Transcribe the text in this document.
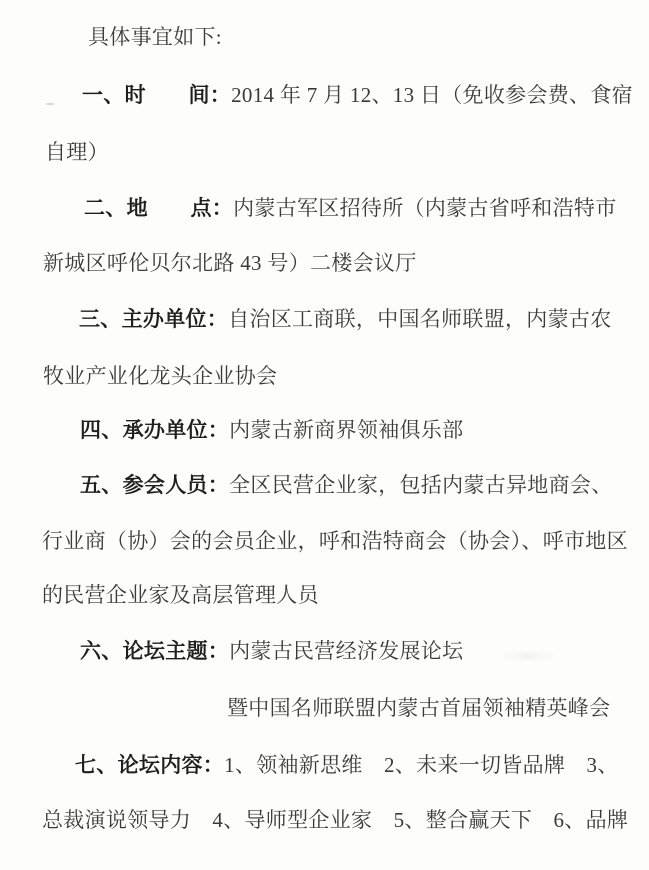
具体事宜如下:
一、时　　间：2014 年 7 月 12、13 日（免收参会费、食宿
自理）
二、地　　点：内蒙古军区招待所（内蒙古省呼和浩特市
新城区呼伦贝尔北路 43 号）二楼会议厅
三、主办单位：自治区工商联，中国名师联盟，内蒙古农
牧业产业化龙头企业协会
四、承办单位：内蒙古新商界领袖俱乐部
五、参会人员：全区民营企业家，包括内蒙古异地商会、
行业商（协）会的会员企业，呼和浩特商会（协会）、呼市地区
的民营企业家及高层管理人员
六、论坛主题：内蒙古民营经济发展论坛
暨中国名师联盟内蒙古首届领袖精英峰会
七、论坛内容：1、领袖新思维　2、未来一切皆品牌　3、
总裁演说领导力　4、导师型企业家　5、整合赢天下　6、品牌
